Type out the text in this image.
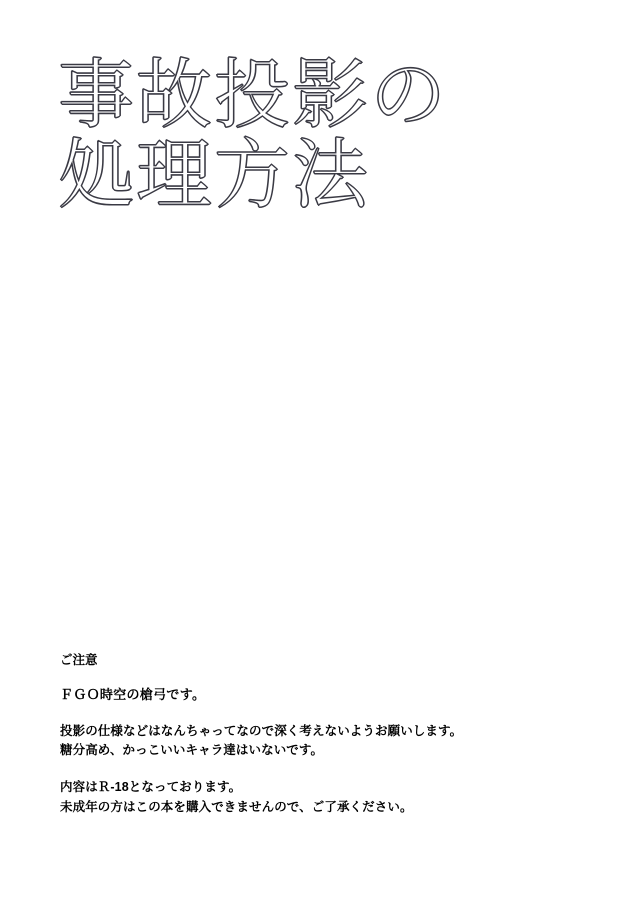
事故投影の
処理方法
ご注意
ＦＧＯ時空の槍弓です。
投影の仕様などはなんちゃってなので深く考えないようお願いします。
糖分高め、かっこいいキャラ達はいないです。
内容はＲ-18となっております。
未成年の方はこの本を購入できませんので、ご了承ください。
